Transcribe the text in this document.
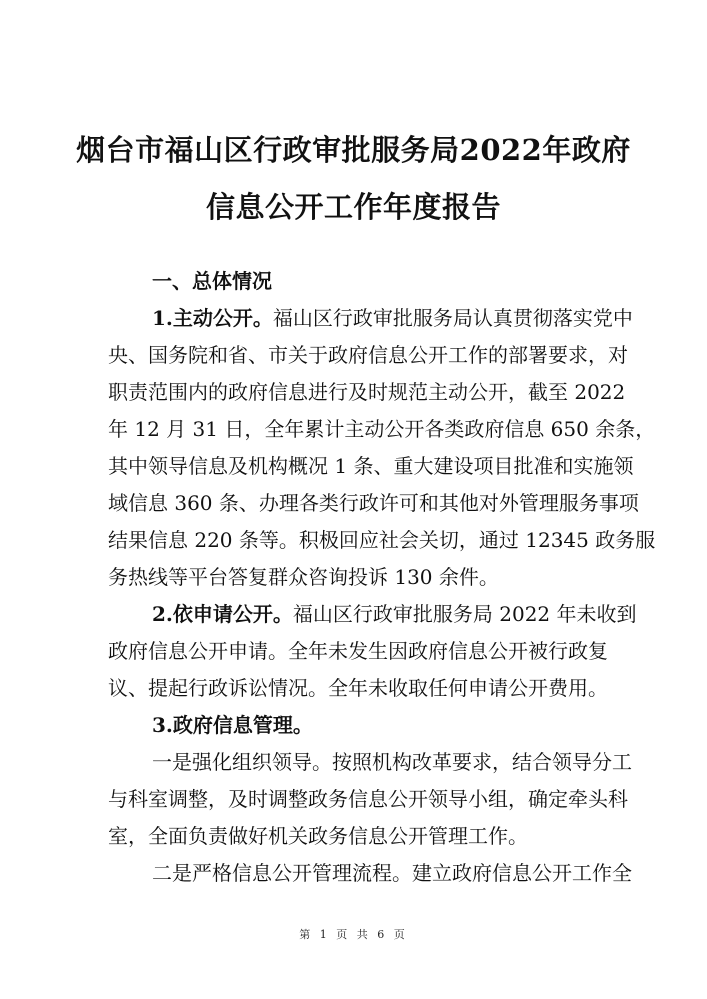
烟台市福山区行政审批服务局2022年政府
信息公开工作年度报告
一、总体情况
1.主动公开。福山区行政审批服务局认真贯彻落实党中
央、国务院和省、市关于政府信息公开工作的部署要求，对
职责范围内的政府信息进行及时规范主动公开，截至 2022
年 12 月 31 日，全年累计主动公开各类政府信息 650 余条，
其中领导信息及机构概况 1 条、重大建设项目批准和实施领
域信息 360 条、办理各类行政许可和其他对外管理服务事项
结果信息 220 条等。积极回应社会关切，通过 12345 政务服
务热线等平台答复群众咨询投诉 130 余件。
2.依申请公开。福山区行政审批服务局 2022 年未收到
政府信息公开申请。全年未发生因政府信息公开被行政复
议、提起行政诉讼情况。全年未收取任何申请公开费用。
3.政府信息管理。
一是强化组织领导。按照机构改革要求，结合领导分工
与科室调整，及时调整政务信息公开领导小组，确定牵头科
室，全面负责做好机关政务信息公开管理工作。
二是严格信息公开管理流程。建立政府信息公开工作全
第 1 页 共 6 页
